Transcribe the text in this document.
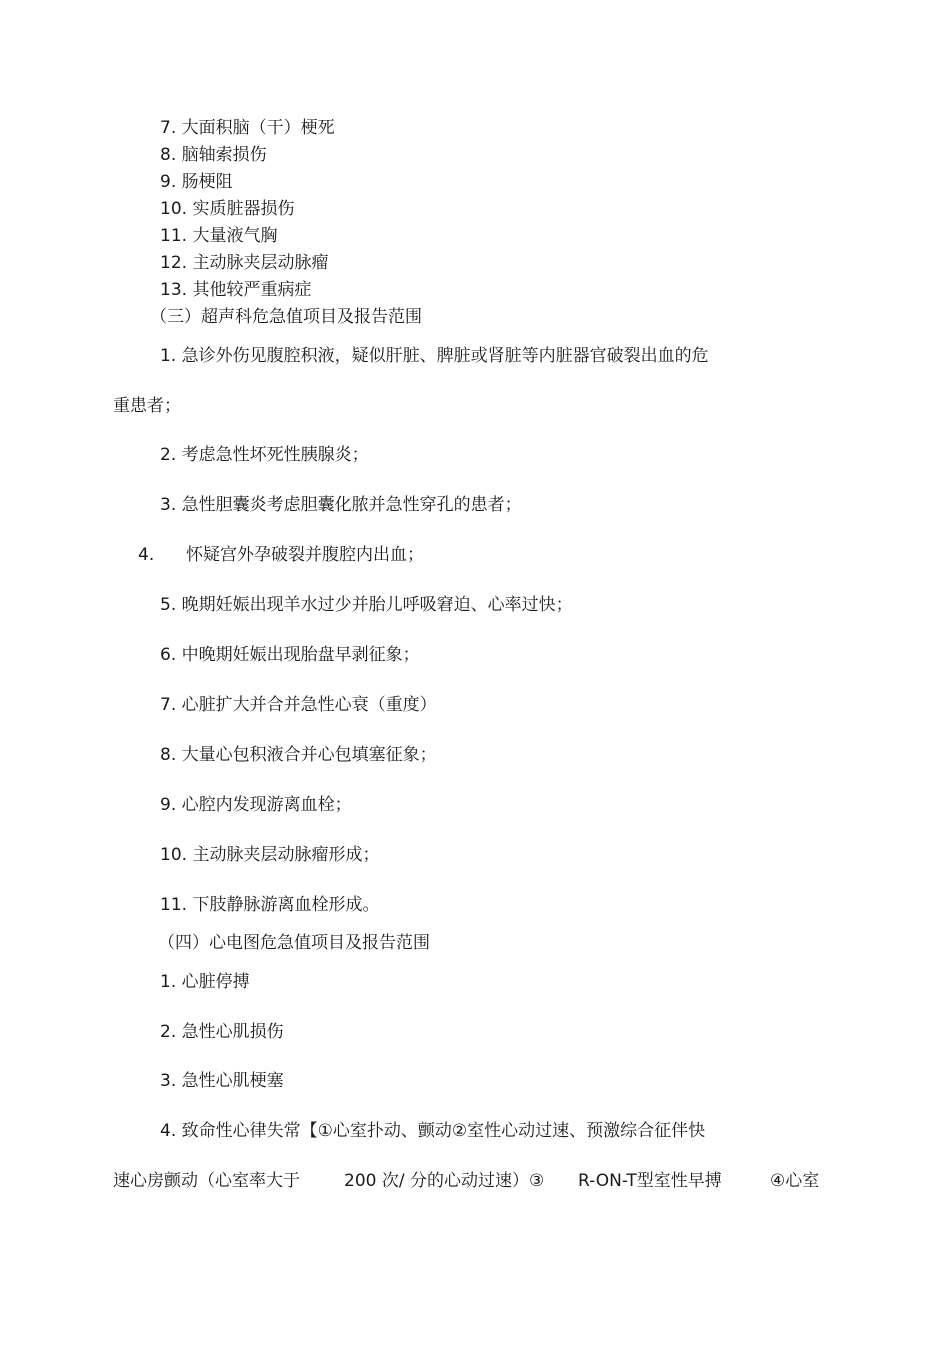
7. 大面积脑（干）梗死
8. 脑轴索损伤
9. 肠梗阻
10. 实质脏器损伤
11. 大量液气胸
12. 主动脉夹层动脉瘤
13. 其他较严重病症
（三）超声科危急值项目及报告范围
1. 急诊外伤见腹腔积液，疑似肝脏、脾脏或肾脏等内脏器官破裂出血的危
重患者；
2. 考虑急性坏死性胰腺炎；
3. 急性胆囊炎考虑胆囊化脓并急性穿孔的患者；
4. 怀疑宫外孕破裂并腹腔内出血；
5. 晚期妊娠出现羊水过少并胎儿呼吸窘迫、心率过快；
6. 中晚期妊娠出现胎盘早剥征象；
7. 心脏扩大并合并急性心衰（重度）
8. 大量心包积液合并心包填塞征象；
9. 心腔内发现游离血栓；
10. 主动脉夹层动脉瘤形成；
11. 下肢静脉游离血栓形成。
（四）心电图危急值项目及报告范围
1. 心脏停搏
2. 急性心肌损伤
3. 急性心肌梗塞
4. 致命性心律失常【①心室扑动、颤动②室性心动过速、预激综合征伴快
速心房颤动（心室率大于	200 次/ 分的心动过速）③ R-ON-T型室性早搏	④心室
